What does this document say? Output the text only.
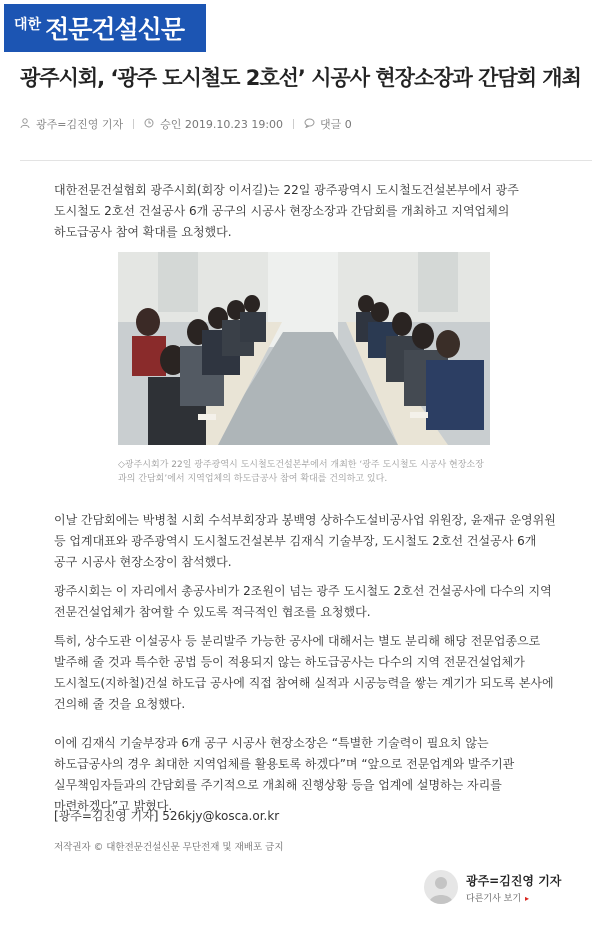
대한 전문건설신문
광주시회, ‘광주 도시철도 2호선’ 시공사 현장소장과 간담회 개최
광주=김진영 기자	승인 2019.10.23 19:00	댓글 0

대한전문건설협회 광주시회(회장 이서길)는 22일 광주광역시 도시철도건설본부에서 광주 도시철도 2호선 건설공사 6개 공구의 시공사 현장소장과 간담회를 개최하고 지역업체의 하도급공사 참여 확대를 요청했다.

◇광주시회가 22일 광주광역시 도시철도건설본부에서 개최한 ‘광주 도시철도 시공사 현장소장과의 간담회’에서 지역업체의 하도급공사 참여 확대를 건의하고 있다.

이날 간담회에는 박병철 시회 수석부회장과 봉백영 상하수도설비공사업 위원장, 윤재규 운영위원 등 업계대표와 광주광역시 도시철도건설본부 김재식 기술부장, 도시철도 2호선 건설공사 6개 공구 시공사 현장소장이 참석했다.

광주시회는 이 자리에서 총공사비가 2조원이 넘는 광주 도시철도 2호선 건설공사에 다수의 지역 전문건설업체가 참여할 수 있도록 적극적인 협조를 요청했다.

특히, 상수도관 이설공사 등 분리발주 가능한 공사에 대해서는 별도 분리해 해당 전문업종으로 발주해 줄 것과 특수한 공법 등이 적용되지 않는 하도급공사는 다수의 지역 전문건설업체가 도시철도(지하철)건설 하도급 공사에 직접 참여해 실적과 시공능력을 쌓는 계기가 되도록 본사에 건의해 줄 것을 요청했다.

이에 김재식 기술부장과 6개 공구 시공사 현장소장은 “특별한 기술력이 필요치 않는 하도급공사의 경우 최대한 지역업체를 활용토록 하겠다”며 “앞으로 전문업계와 발주기관 실무책임자들과의 간담회를 주기적으로 개최해 진행상황 등을 업계에 설명하는 자리를 마련하겠다”고 밝혔다.

[광주=김진영 기자] 526kjy@kosca.or.kr

저작권자 © 대한전문건설신문 무단전재 및 재배포 금지

광주=김진영 기자
다른기사 보기 ▸
